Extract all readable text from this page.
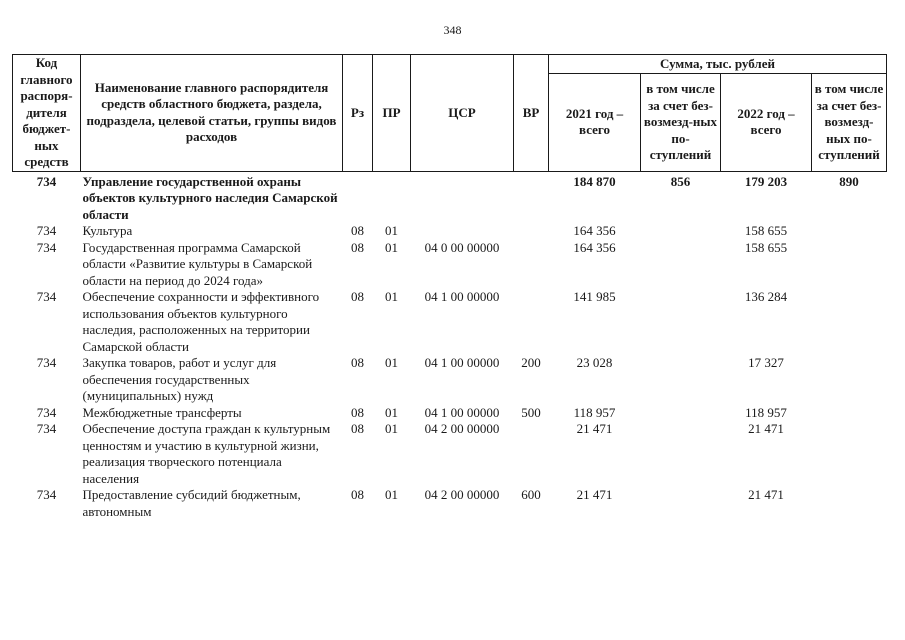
348
Код главного распоря-дителя бюджет-ных средств	Наименование главного распорядителя средств областного бюджета, раздела, подраздела, целевой статьи, группы видов расходов	Рз	ПР	ЦСР	ВР	Сумма, тыс. рублей			
						2021 год – всего	в том числе за счет без-возмезд-ных по-ступлений	2022 год – всего	в том числе за счет без-возмезд-ных по-ступлений
734	Управление государственной охраны объектов культурного наследия Самарской области					184 870	856	179 203	890
734	Культура	08	01			164 356		158 655	
734	Государственная программа Самарской области «Развитие культуры в Самарской области на период до 2024 года»	08	01	04 0 00 00000		164 356		158 655	
734	Обеспечение сохранности и эффективного использования объектов культурного наследия, расположенных на территории Самарской области	08	01	04 1 00 00000		141 985		136 284	
734	Закупка товаров, работ и услуг для обеспечения государственных (муниципальных) нужд	08	01	04 1 00 00000	200	23 028		17 327	
734	Межбюджетные трансферты	08	01	04 1 00 00000	500	118 957		118 957	
734	Обеспечение доступа граждан к культурным ценностям и участию в культурной жизни, реализация творческого потенциала населения	08	01	04 2 00 00000		21 471		21 471	
734	Предоставление субсидий бюджетным, автономным	08	01	04 2 00 00000	600	21 471		21 471	
